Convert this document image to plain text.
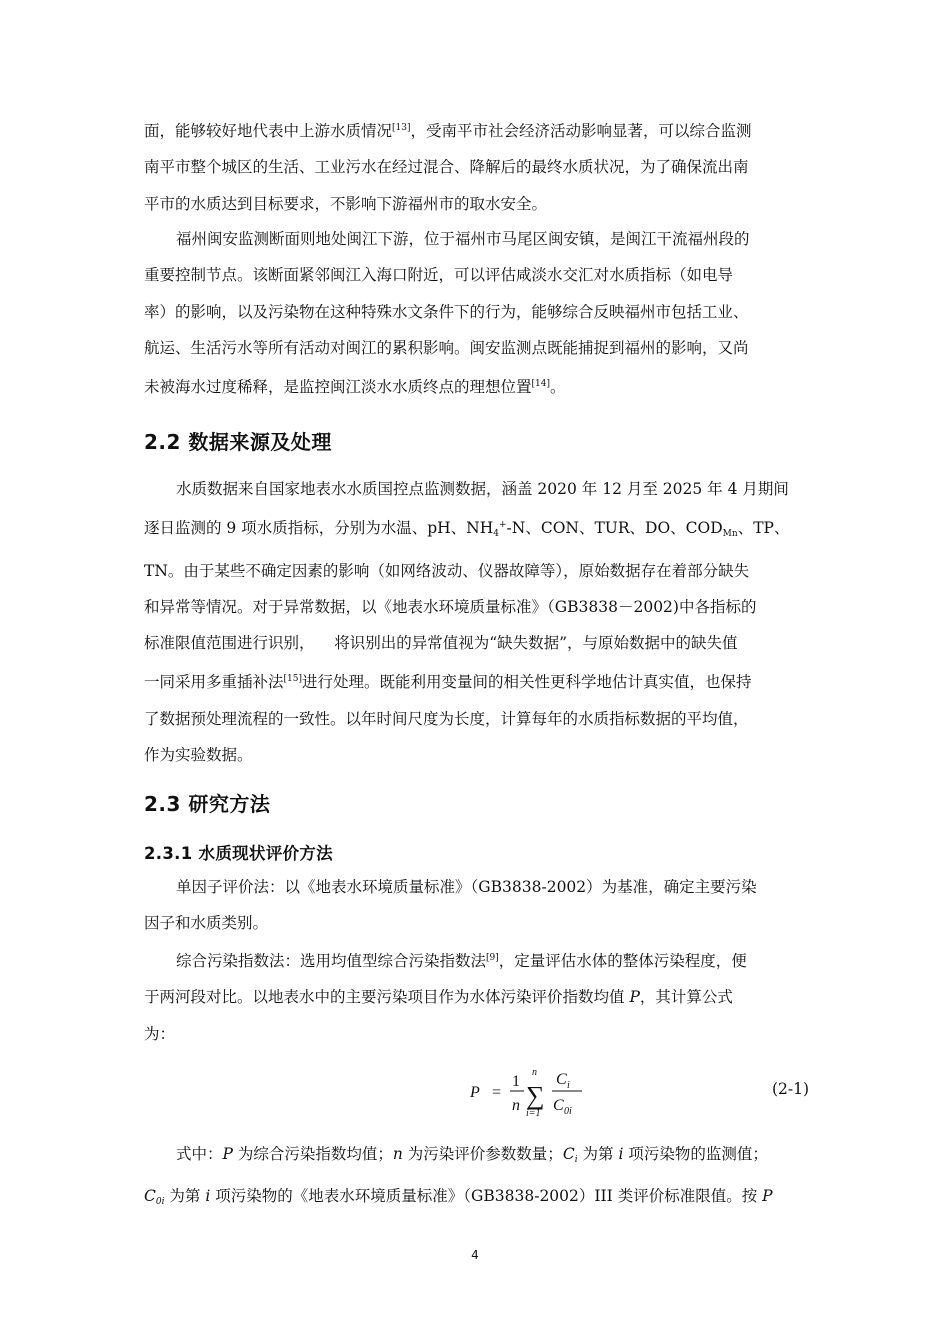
面，能够较好地代表中上游水质情况[13]，受南平市社会经济活动影响显著，可以综合监测
南平市整个城区的生活、工业污水在经过混合、降解后的最终水质状况，为了确保流出南
平市的水质达到目标要求，不影响下游福州市的取水安全。
福州闽安监测断面则地处闽江下游，位于福州市马尾区闽安镇，是闽江干流福州段的
重要控制节点。该断面紧邻闽江入海口附近，可以评估咸淡水交汇对水质指标（如电导
率）的影响，以及污染物在这种特殊水文条件下的行为，能够综合反映福州市包括工业、
航运、生活污水等所有活动对闽江的累积影响。闽安监测点既能捕捉到福州的影响，又尚
未被海水过度稀释，是监控闽江淡水水质终点的理想位置[14]。
2.2 数据来源及处理
水质数据来自国家地表水水质国控点监测数据，涵盖 2020 年 12 月至 2025 年 4 月期间
逐日监测的 9 项水质指标，分别为水温、pH、$NH_4^+-N$、CON、TUR、DO、$COD_{Mn}$、TP、
TN。由于某些不确定因素的影响（如网络波动、仪器故障等），原始数据存在着部分缺失
和异常等情况。对于异常数据，以《地表水环境质量标准》（GB3838－2002)中各指标的
标准限值范围进行识别，    将识别出的异常值视为“缺失数据”，与原始数据中的缺失值
一同采用多重插补法[15]进行处理。既能利用变量间的相关性更科学地估计真实值，也保持
了数据预处理流程的一致性。以年时间尺度为长度，计算每年的水质指标数据的平均值，
作为实验数据。
2.3 研究方法
2.3.1 水质现状评价方法
单因子评价法：以《地表水环境质量标准》（GB3838-2002）为基准，确定主要污染
因子和水质类别。
综合污染指数法：选用均值型综合污染指数法[9]，定量评估水体的整体污染程度，便
于两河段对比。以地表水中的主要污染项目作为水体污染评价指数均值 P，其计算公式
为：
P =
1
n
n
∑
i=1
C i
C 0i
(2-1)
式中：P 为综合污染指数均值；n 为污染评价参数数量；$C_i$ 为第 i 项污染物的监测值；
$C_{0i}$ 为第 i 项污染物的《地表水环境质量标准》（GB3838-2002）III 类评价标准限值。按 P
4
